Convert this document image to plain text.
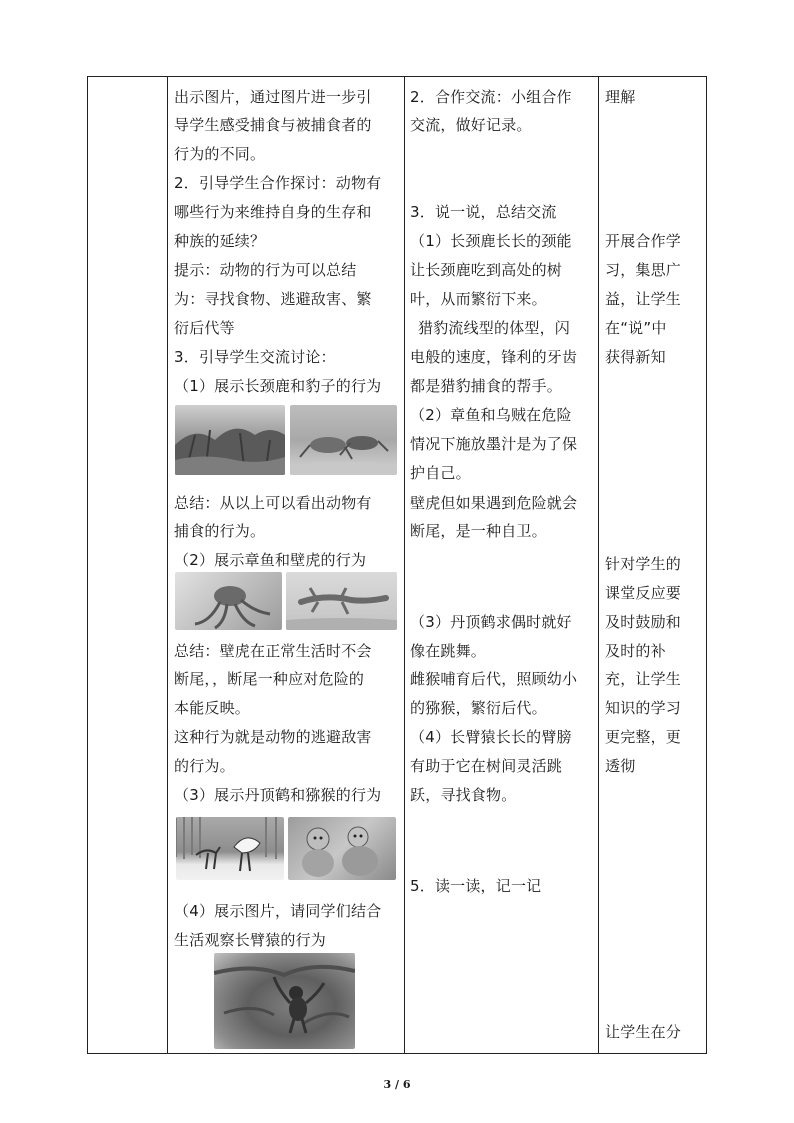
出示图片，通过图片进一步引
导学生感受捕食与被捕食者的
行为的不同。
2．引导学生合作探讨：动物有
哪些行为来维持自身的生存和
种族的延续？
提示：动物的行为可以总结
为：寻找食物、逃避敌害、繁
衍后代等
3．引导学生交流讨论：
（1）展示长颈鹿和豹子的行为
总结：从以上可以看出动物有
捕食的行为。
（2）展示章鱼和壁虎的行为
总结：壁虎在正常生活时不会
断尾，，断尾一种应对危险的
本能反映。
这种行为就是动物的逃避敌害
的行为。
（3）展示丹顶鹤和猕猴的行为
（4）展示图片，请同学们结合
生活观察长臂猿的行为
2．合作交流：小组合作
交流，做好记录。
3．说一说，总结交流
（1）长颈鹿长长的颈能
让长颈鹿吃到高处的树
叶，从而繁衍下来。
猎豹流线型的体型，闪
电般的速度，锋利的牙齿
都是猎豹捕食的帮手。
（2）章鱼和乌贼在危险
情况下施放墨汁是为了保
护自己。
壁虎但如果遇到危险就会
断尾，是一种自卫。
（3）丹顶鹤求偶时就好
像在跳舞。
雌猴哺育后代，照顾幼小
的猕猴，繁衍后代。
（4）长臂猿长长的臂膀
有助于它在树间灵活跳
跃，寻找食物。
5．读一读，记一记
理解
开展合作学
习，集思广
益，让学生
在“说”中
获得新知
针对学生的
课堂反应要
及时鼓励和
及时的补
充，让学生
知识的学习
更完整，更
透彻
让学生在分
3 / 6
